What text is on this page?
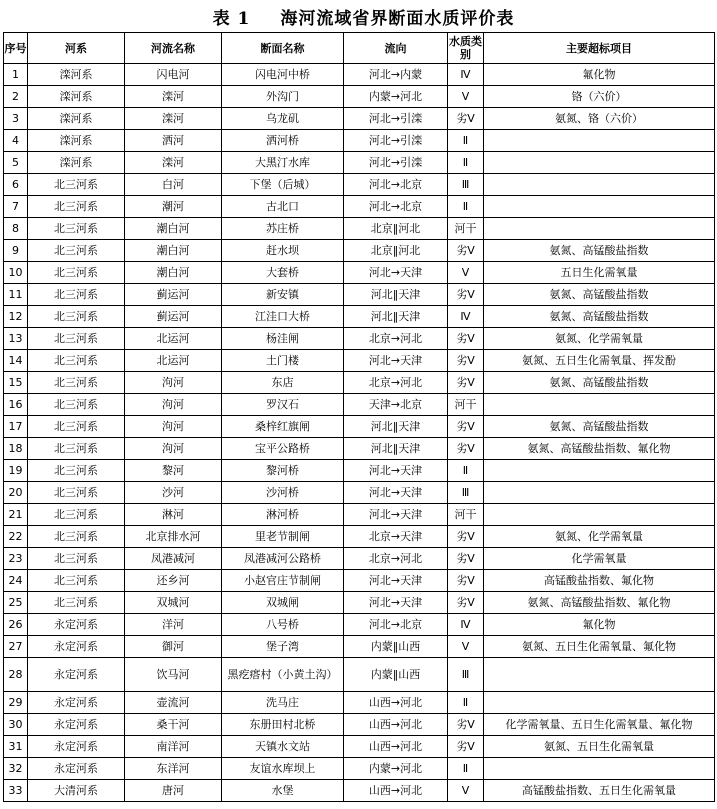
表 1 海河流域省界断面水质评价表
序号	河系	河流名称	断面名称	流向	水质类别	主要超标项目
1	滦河系	闪电河	闪电河中桥	河北→内蒙	Ⅳ	氟化物
2	滦河系	滦河	外沟门	内蒙→河北	Ⅴ	铬（六价）
3	滦河系	滦河	乌龙矶	河北→引滦	劣Ⅴ	氨氮、铬（六价）
4	滦河系	洒河	洒河桥	河北→引滦	Ⅱ	
5	滦河系	滦河	大黑汀水库	河北→引滦	Ⅱ	
6	北三河系	白河	下堡（后城）	河北→北京	Ⅲ	
7	北三河系	潮河	古北口	河北→北京	Ⅱ	
8	北三河系	潮白河	苏庄桥	北京‖河北	河干	
9	北三河系	潮白河	赶水坝	北京‖河北	劣Ⅴ	氨氮、高锰酸盐指数
10	北三河系	潮白河	大套桥	河北→天津	Ⅴ	五日生化需氧量
11	北三河系	蓟运河	新安镇	河北‖天津	劣Ⅴ	氨氮、高锰酸盐指数
12	北三河系	蓟运河	江洼口大桥	河北‖天津	Ⅳ	氨氮、高锰酸盐指数
13	北三河系	北运河	杨洼闸	北京→河北	劣Ⅴ	氨氮、化学需氧量
14	北三河系	北运河	土门楼	河北→天津	劣Ⅴ	氨氮、五日生化需氧量、挥发酚
15	北三河系	泃河	东店	北京→河北	劣Ⅴ	氨氮、高锰酸盐指数
16	北三河系	泃河	罗汉石	天津→北京	河干	
17	北三河系	泃河	桑梓红旗闸	河北‖天津	劣Ⅴ	氨氮、高锰酸盐指数
18	北三河系	泃河	宝平公路桥	河北‖天津	劣Ⅴ	氨氮、高锰酸盐指数、氟化物
19	北三河系	黎河	黎河桥	河北→天津	Ⅱ	
20	北三河系	沙河	沙河桥	河北→天津	Ⅲ	
21	北三河系	淋河	淋河桥	河北→天津	河干	
22	北三河系	北京排水河	里老节制闸	北京→天津	劣Ⅴ	氨氮、化学需氧量
23	北三河系	凤港减河	凤港减河公路桥	北京→河北	劣Ⅴ	化学需氧量
24	北三河系	还乡河	小赵官庄节制闸	河北→天津	劣Ⅴ	高锰酸盐指数、氟化物
25	北三河系	双城河	双城闸	河北→天津	劣Ⅴ	氨氮、高锰酸盐指数、氟化物
26	永定河系	洋河	八号桥	河北→北京	Ⅳ	氟化物
27	永定河系	御河	堡子湾	内蒙‖山西	Ⅴ	氨氮、五日生化需氧量、氟化物
28	永定河系	饮马河	黑疙瘩村（小黄土沟）	内蒙‖山西	Ⅲ	
29	永定河系	壶流河	洗马庄	山西→河北	Ⅱ	
30	永定河系	桑干河	东册田村北桥	山西→河北	劣Ⅴ	化学需氧量、五日生化需氧量、氟化物
31	永定河系	南洋河	天镇水文站	山西→河北	劣Ⅴ	氨氮、五日生化需氧量
32	永定河系	东洋河	友谊水库坝上	内蒙→河北	Ⅱ	
33	大清河系	唐河	水堡	山西→河北	Ⅴ	高锰酸盐指数、五日生化需氧量
